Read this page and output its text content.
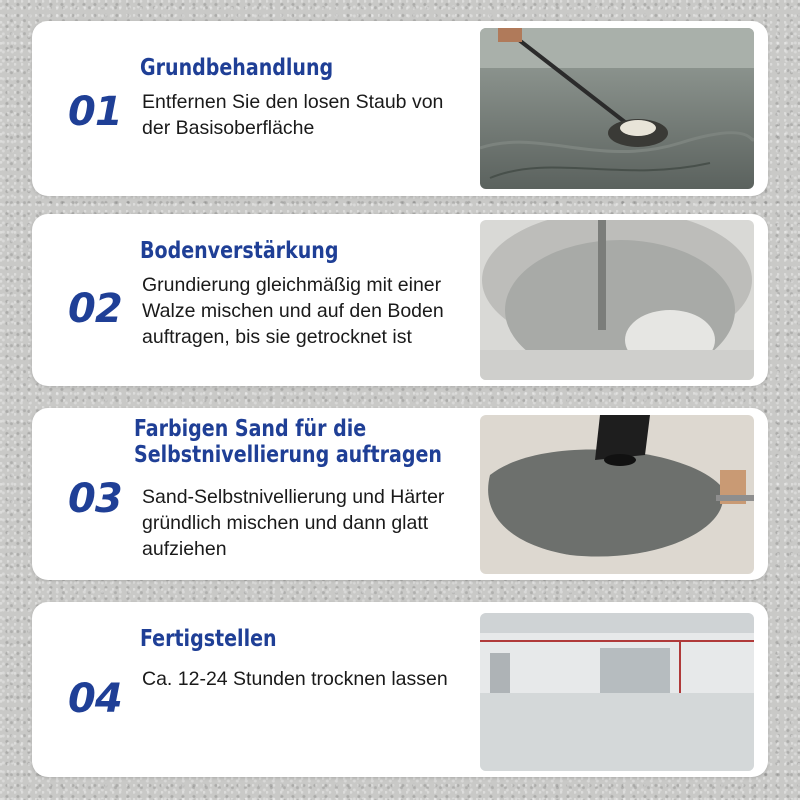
Grundbehandlung
01 Entfernen Sie den losen Staub von der Basisoberfläche
Bodenverstärkung
02
Grundierung gleichmäßig mit einer Walze mischen und auf den Boden auftragen, bis sie getrocknet ist
Farbigen Sand für die
Selbstnivellierung auftragen
03 Sand-Selbstnivellierung und Härter gründlich mischen und dann glatt aufziehen
Fertigstellen
04 Ca. 12-24 Stunden trocknen lassen
